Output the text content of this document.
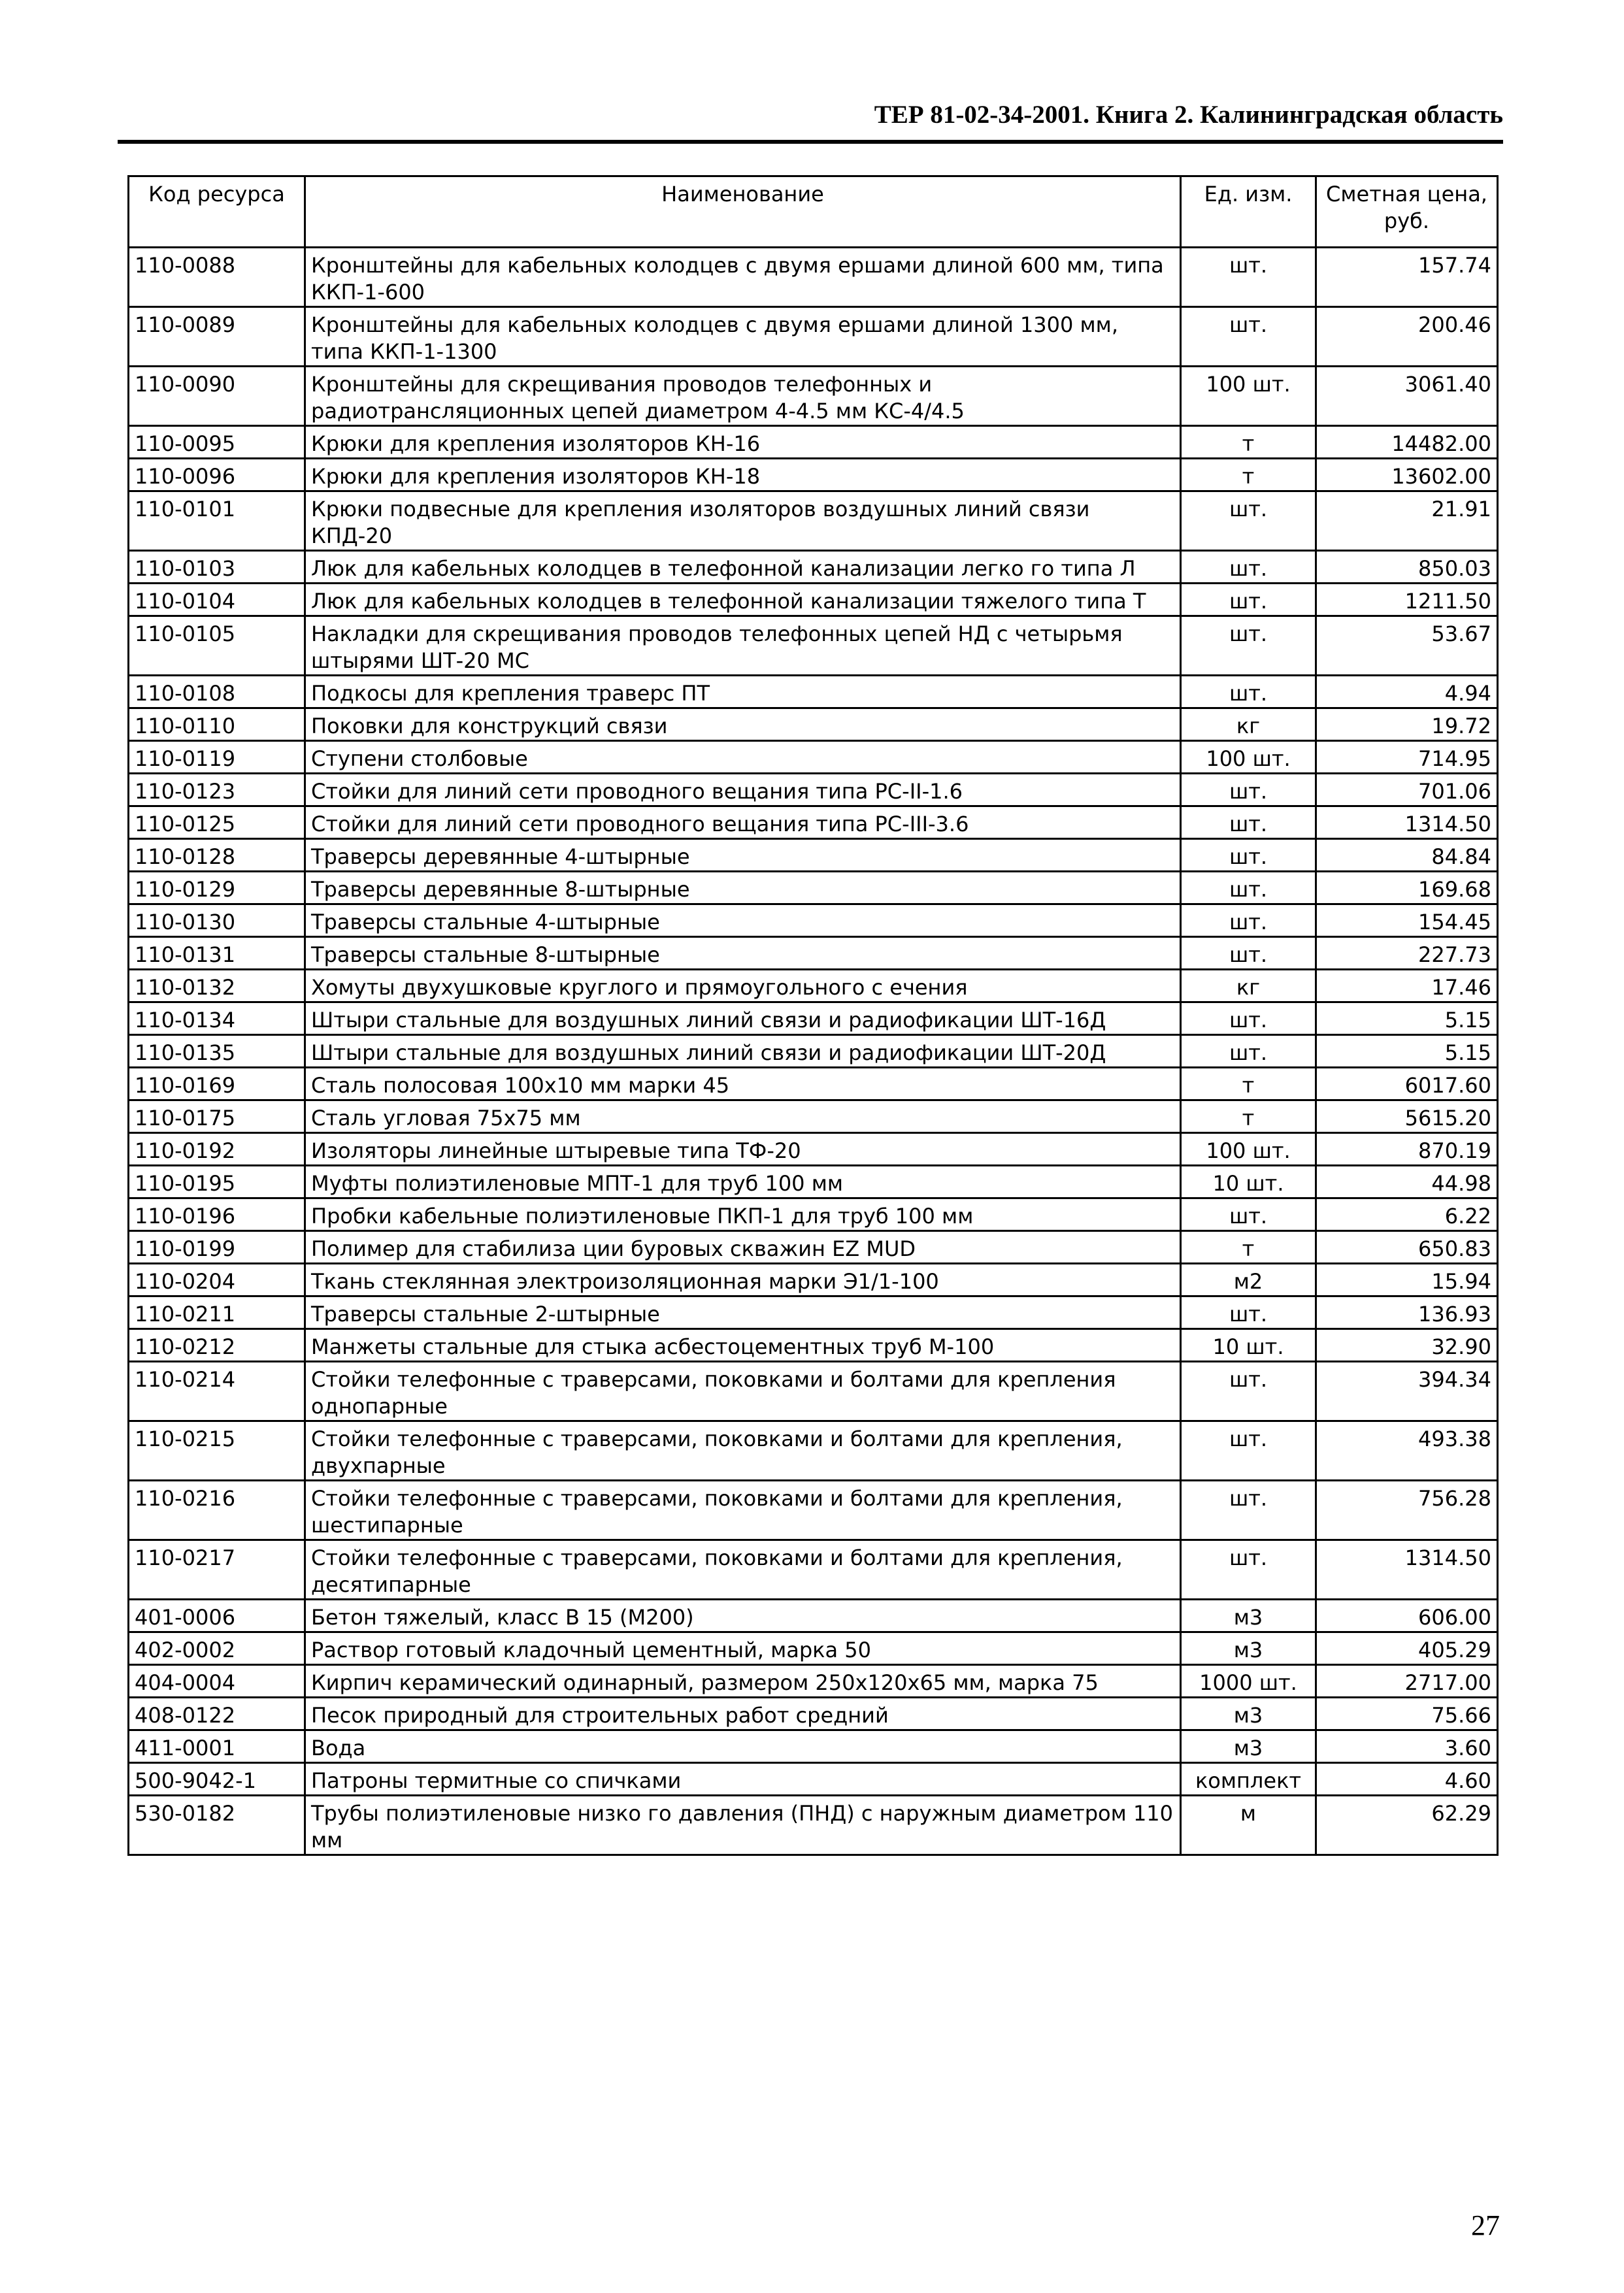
ТЕР 81-02-34-2001. Книга 2. Калининградская область
Код ресурса	Наименование	Ед. изм.	Сметная цена, руб.
110-0088	Кронштейны для кабельных колодцев с двумя ершами длиной 600 мм, типа ККП-1-600	шт.	157.74
110-0089	Кронштейны для кабельных колодцев с двумя ершами длиной 1300 мм, типа ККП-1-1300	шт.	200.46
110-0090	Кронштейны для скрещивания проводов телефонных и радиотрансляционных цепей диаметром 4-4.5 мм КС-4/4.5	100 шт.	3061.40
110-0095	Крюки для крепления изоляторов КН-16	т	14482.00
110-0096	Крюки для крепления изоляторов КН-18	т	13602.00
110-0101	Крюки подвесные для крепления изоляторов воздушных линий связи КПД-20	шт.	21.91
110-0103	Люк для кабельных колодцев в телефонной канализации легко го типа Л	шт.	850.03
110-0104	Люк для кабельных колодцев в телефонной канализации тяжелого типа Т	шт.	1211.50
110-0105	Накладки для скрещивания проводов телефонных цепей НД с четырьмя штырями ШТ-20 МС	шт.	53.67
110-0108	Подкосы для крепления траверс ПТ	шт.	4.94
110-0110	Поковки для конструкций связи	кг	19.72
110-0119	Ступени столбовые	100 шт.	714.95
110-0123	Стойки для линий сети проводного вещания типа РС-II-1.6	шт.	701.06
110-0125	Стойки для линий сети проводного вещания типа РС-III-3.6	шт.	1314.50
110-0128	Траверсы деревянные 4-штырные	шт.	84.84
110-0129	Траверсы деревянные 8-штырные	шт.	169.68
110-0130	Траверсы стальные 4-штырные	шт.	154.45
110-0131	Траверсы стальные 8-штырные	шт.	227.73
110-0132	Хомуты двухушковые круглого и прямоугольного с ечения	кг	17.46
110-0134	Штыри стальные для воздушных линий связи и радиофикации ШТ-16Д	шт.	5.15
110-0135	Штыри стальные для воздушных линий связи и радиофикации ШТ-20Д	шт.	5.15
110-0169	Сталь полосовая 100х10 мм марки 45	т	6017.60
110-0175	Сталь угловая 75х75 мм	т	5615.20
110-0192	Изоляторы линейные штыревые типа ТФ-20	100 шт.	870.19
110-0195	Муфты полиэтиленовые МПТ-1 для труб 100 мм	10 шт.	44.98
110-0196	Пробки кабельные полиэтиленовые ПКП-1 для труб 100 мм	шт.	6.22
110-0199	Полимер для стабилиза ции буровых скважин EZ MUD	т	650.83
110-0204	Ткань стеклянная электроизоляционная марки Э1/1-100	м2	15.94
110-0211	Траверсы стальные 2-штырные	шт.	136.93
110-0212	Манжеты стальные для стыка асбестоцементных труб М-100	10 шт.	32.90
110-0214	Стойки телефонные с траверсами, поковками и болтами для крепления однопарные	шт.	394.34
110-0215	Стойки телефонные с траверсами, поковками и болтами для крепления, двухпарные	шт.	493.38
110-0216	Стойки телефонные с траверсами, поковками и болтами для крепления, шестипарные	шт.	756.28
110-0217	Стойки телефонные с траверсами, поковками и болтами для крепления, десятипарные	шт.	1314.50
401-0006	Бетон тяжелый, класс В 15 (М200)	м3	606.00
402-0002	Раствор готовый кладочный цементный, марка 50	м3	405.29
404-0004	Кирпич керамический одинарный, размером 250х120х65 мм, марка 75	1000 шт.	2717.00
408-0122	Песок природный для строительных работ средний	м3	75.66
411-0001	Вода	м3	3.60
500-9042-1	Патроны термитные со спичками	комплект	4.60
530-0182	Трубы полиэтиленовые низко го давления (ПНД) с наружным диаметром 110 мм	м	62.29
27
